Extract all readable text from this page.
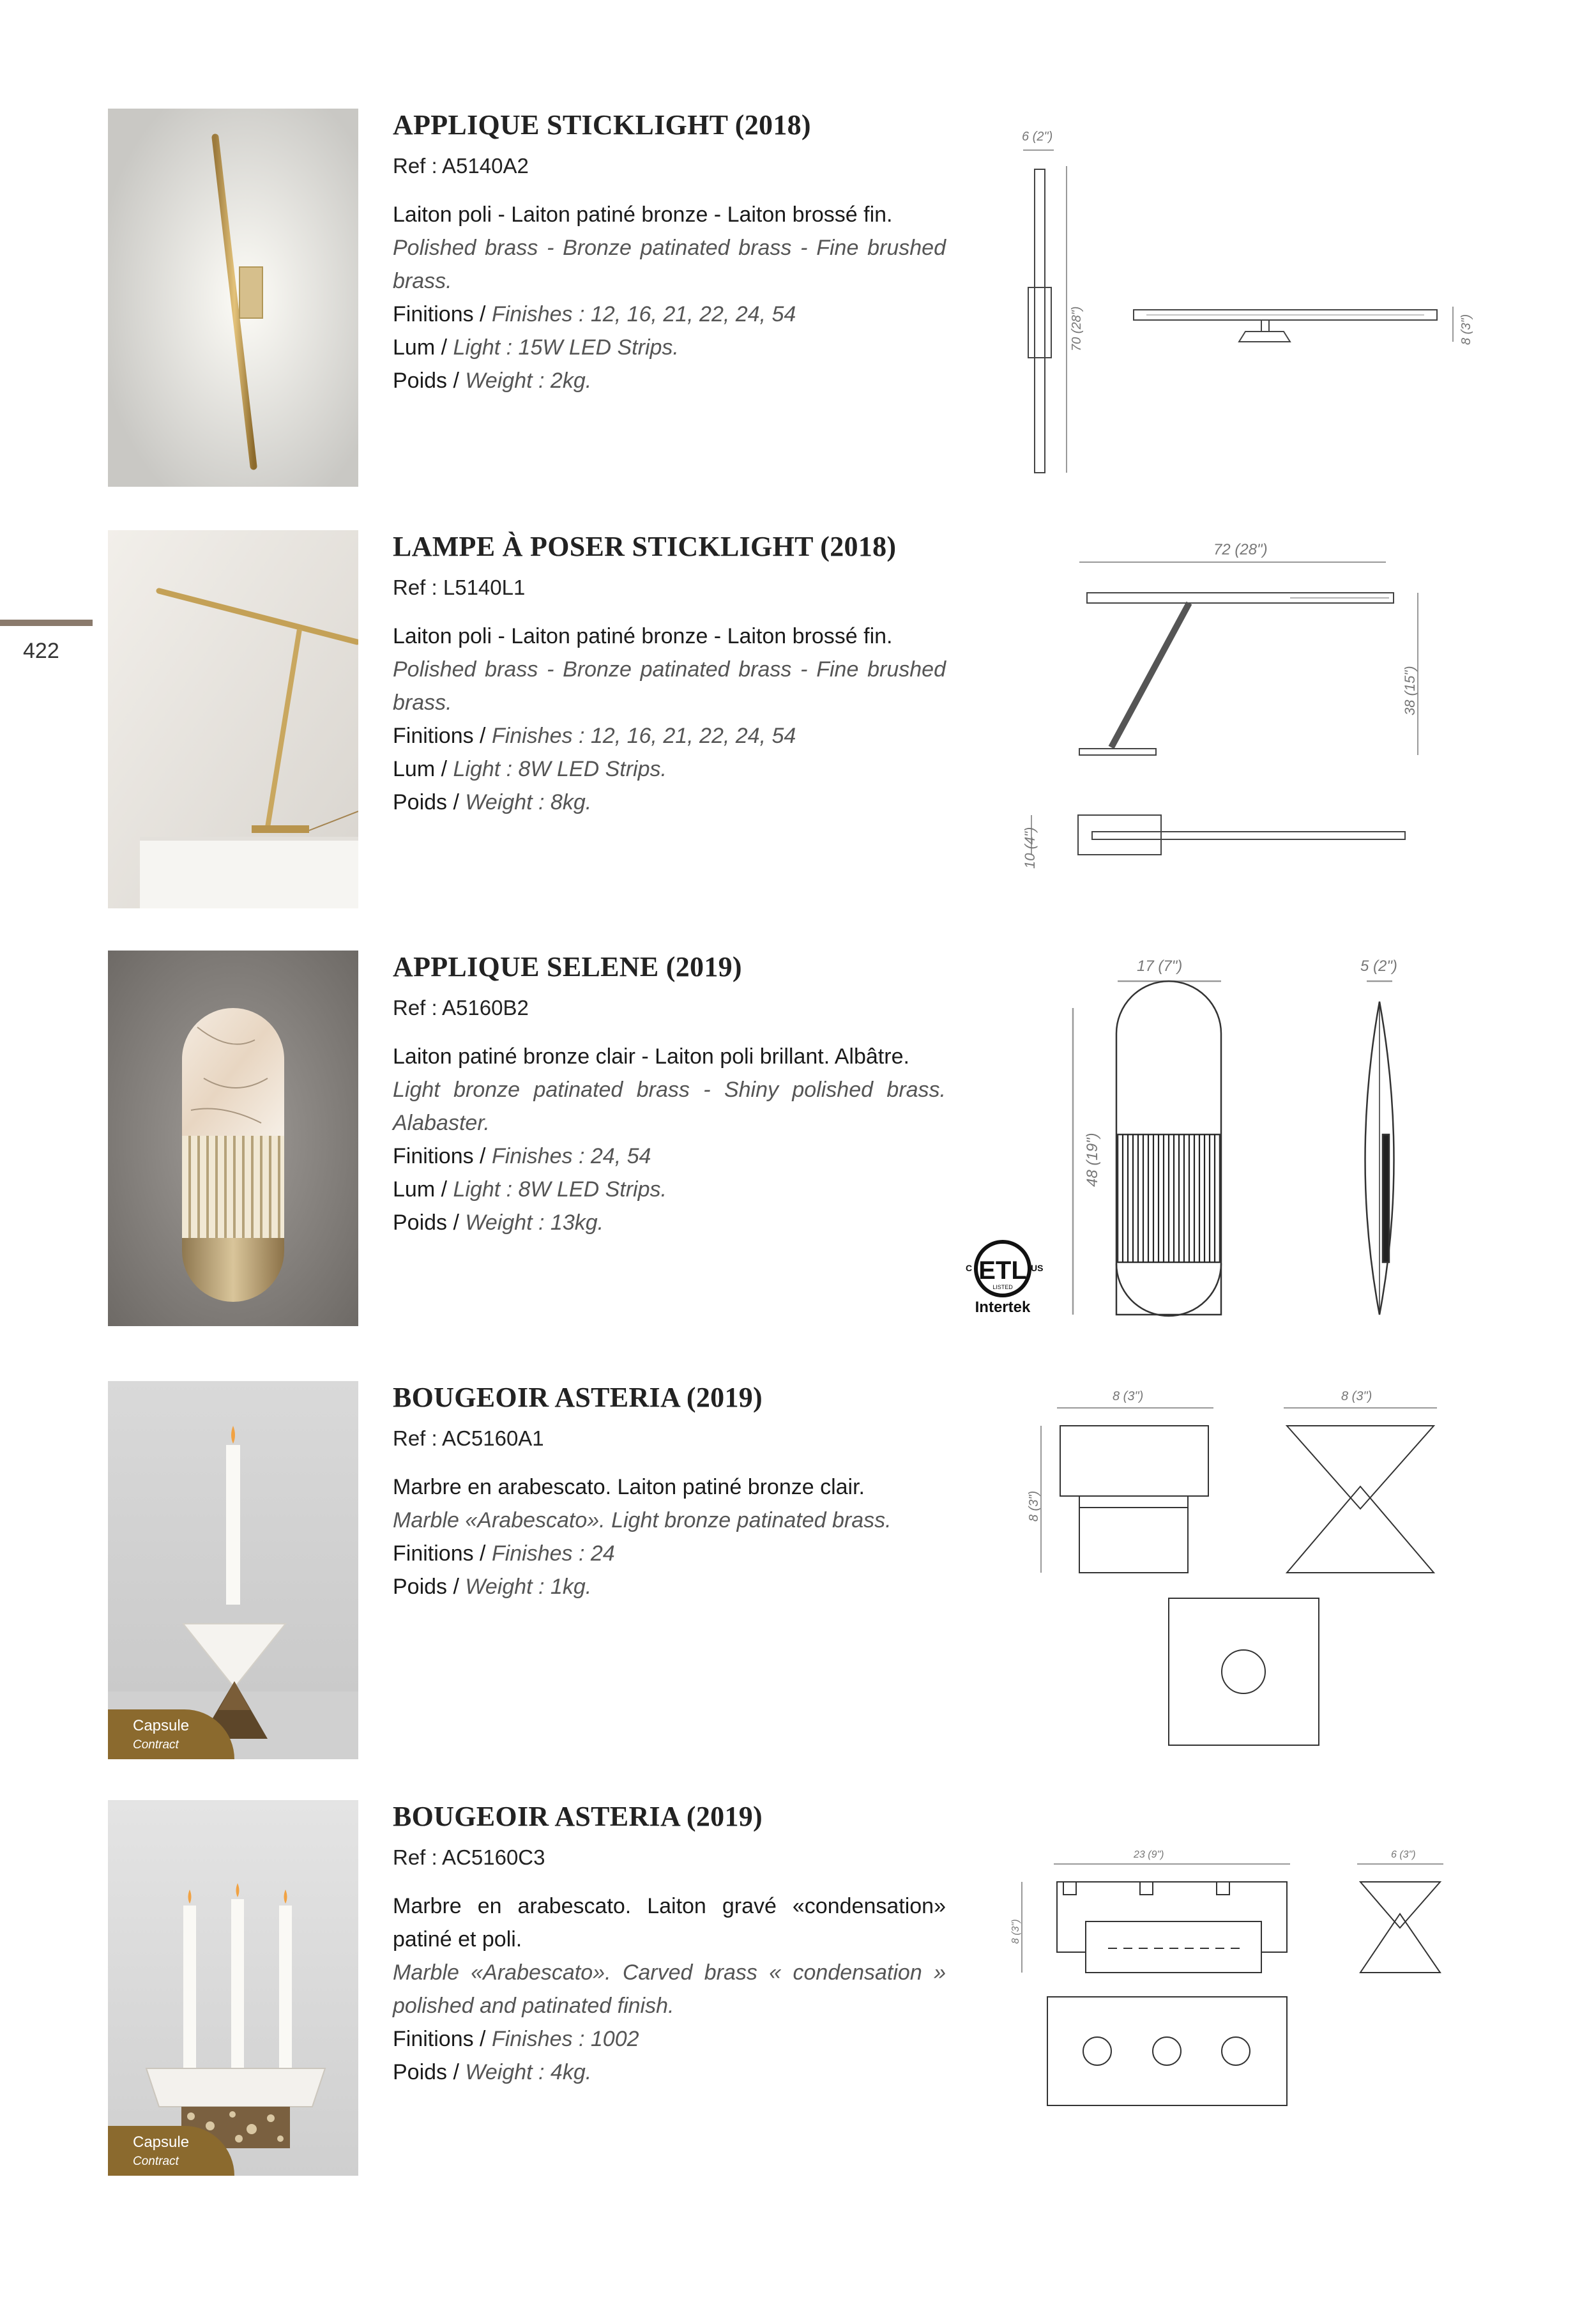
422
APPLIQUE STICKLIGHT (2018)
Ref : A5140A2
Laiton poli - Laiton patiné bronze - Laiton brossé fin.
Polished brass - Bronze patinated brass - Fine brushed brass.
Finitions / Finishes : 12, 16, 21, 22, 24, 54
Lum / Light : 15W LED Strips.
Poids / Weight : 2kg.
6 (2")
70 (28")	8 (3")
LAMPE À POSER STICKLIGHT (2018)
Ref : L5140L1
Laiton poli - Laiton patiné bronze - Laiton brossé fin.
Polished brass - Bronze patinated brass - Fine brushed brass.
Finitions / Finishes : 12, 16, 21, 22, 24, 54
Lum / Light : 8W LED Strips.
Poids / Weight : 8kg.
72 (28")
38 (15")
10 (4")
APPLIQUE SELENE (2019)
Ref : A5160B2
Laiton patiné bronze clair - Laiton poli brillant. Albâtre.
Light bronze patinated brass - Shiny polished brass. Alabaster.
Finitions / Finishes : 24, 54
Lum / Light : 8W LED Strips.
Poids / Weight : 13kg.
17 (7")
48 (19")
5 (2")
ETL
C	US
LISTED
Intertek
Capsule
Contract
BOUGEOIR ASTERIA (2019)
Ref : AC5160A1
Marbre en arabescato. Laiton patiné bronze clair.
Marble «Arabescato». Light bronze patinated brass.
Finitions / Finishes : 24
Poids / Weight : 1kg.
8 (3")
8 (3")
8 (3")
Capsule
Contract
BOUGEOIR ASTERIA (2019)
Ref : AC5160C3
Marbre en arabescato. Laiton gravé «condensation» patiné et poli.
Marble «Arabescato». Carved brass « condensation » polished and patinated finish.
Finitions / Finishes : 1002
Poids / Weight : 4kg.
23 (9")
8 (3")
6 (3")
